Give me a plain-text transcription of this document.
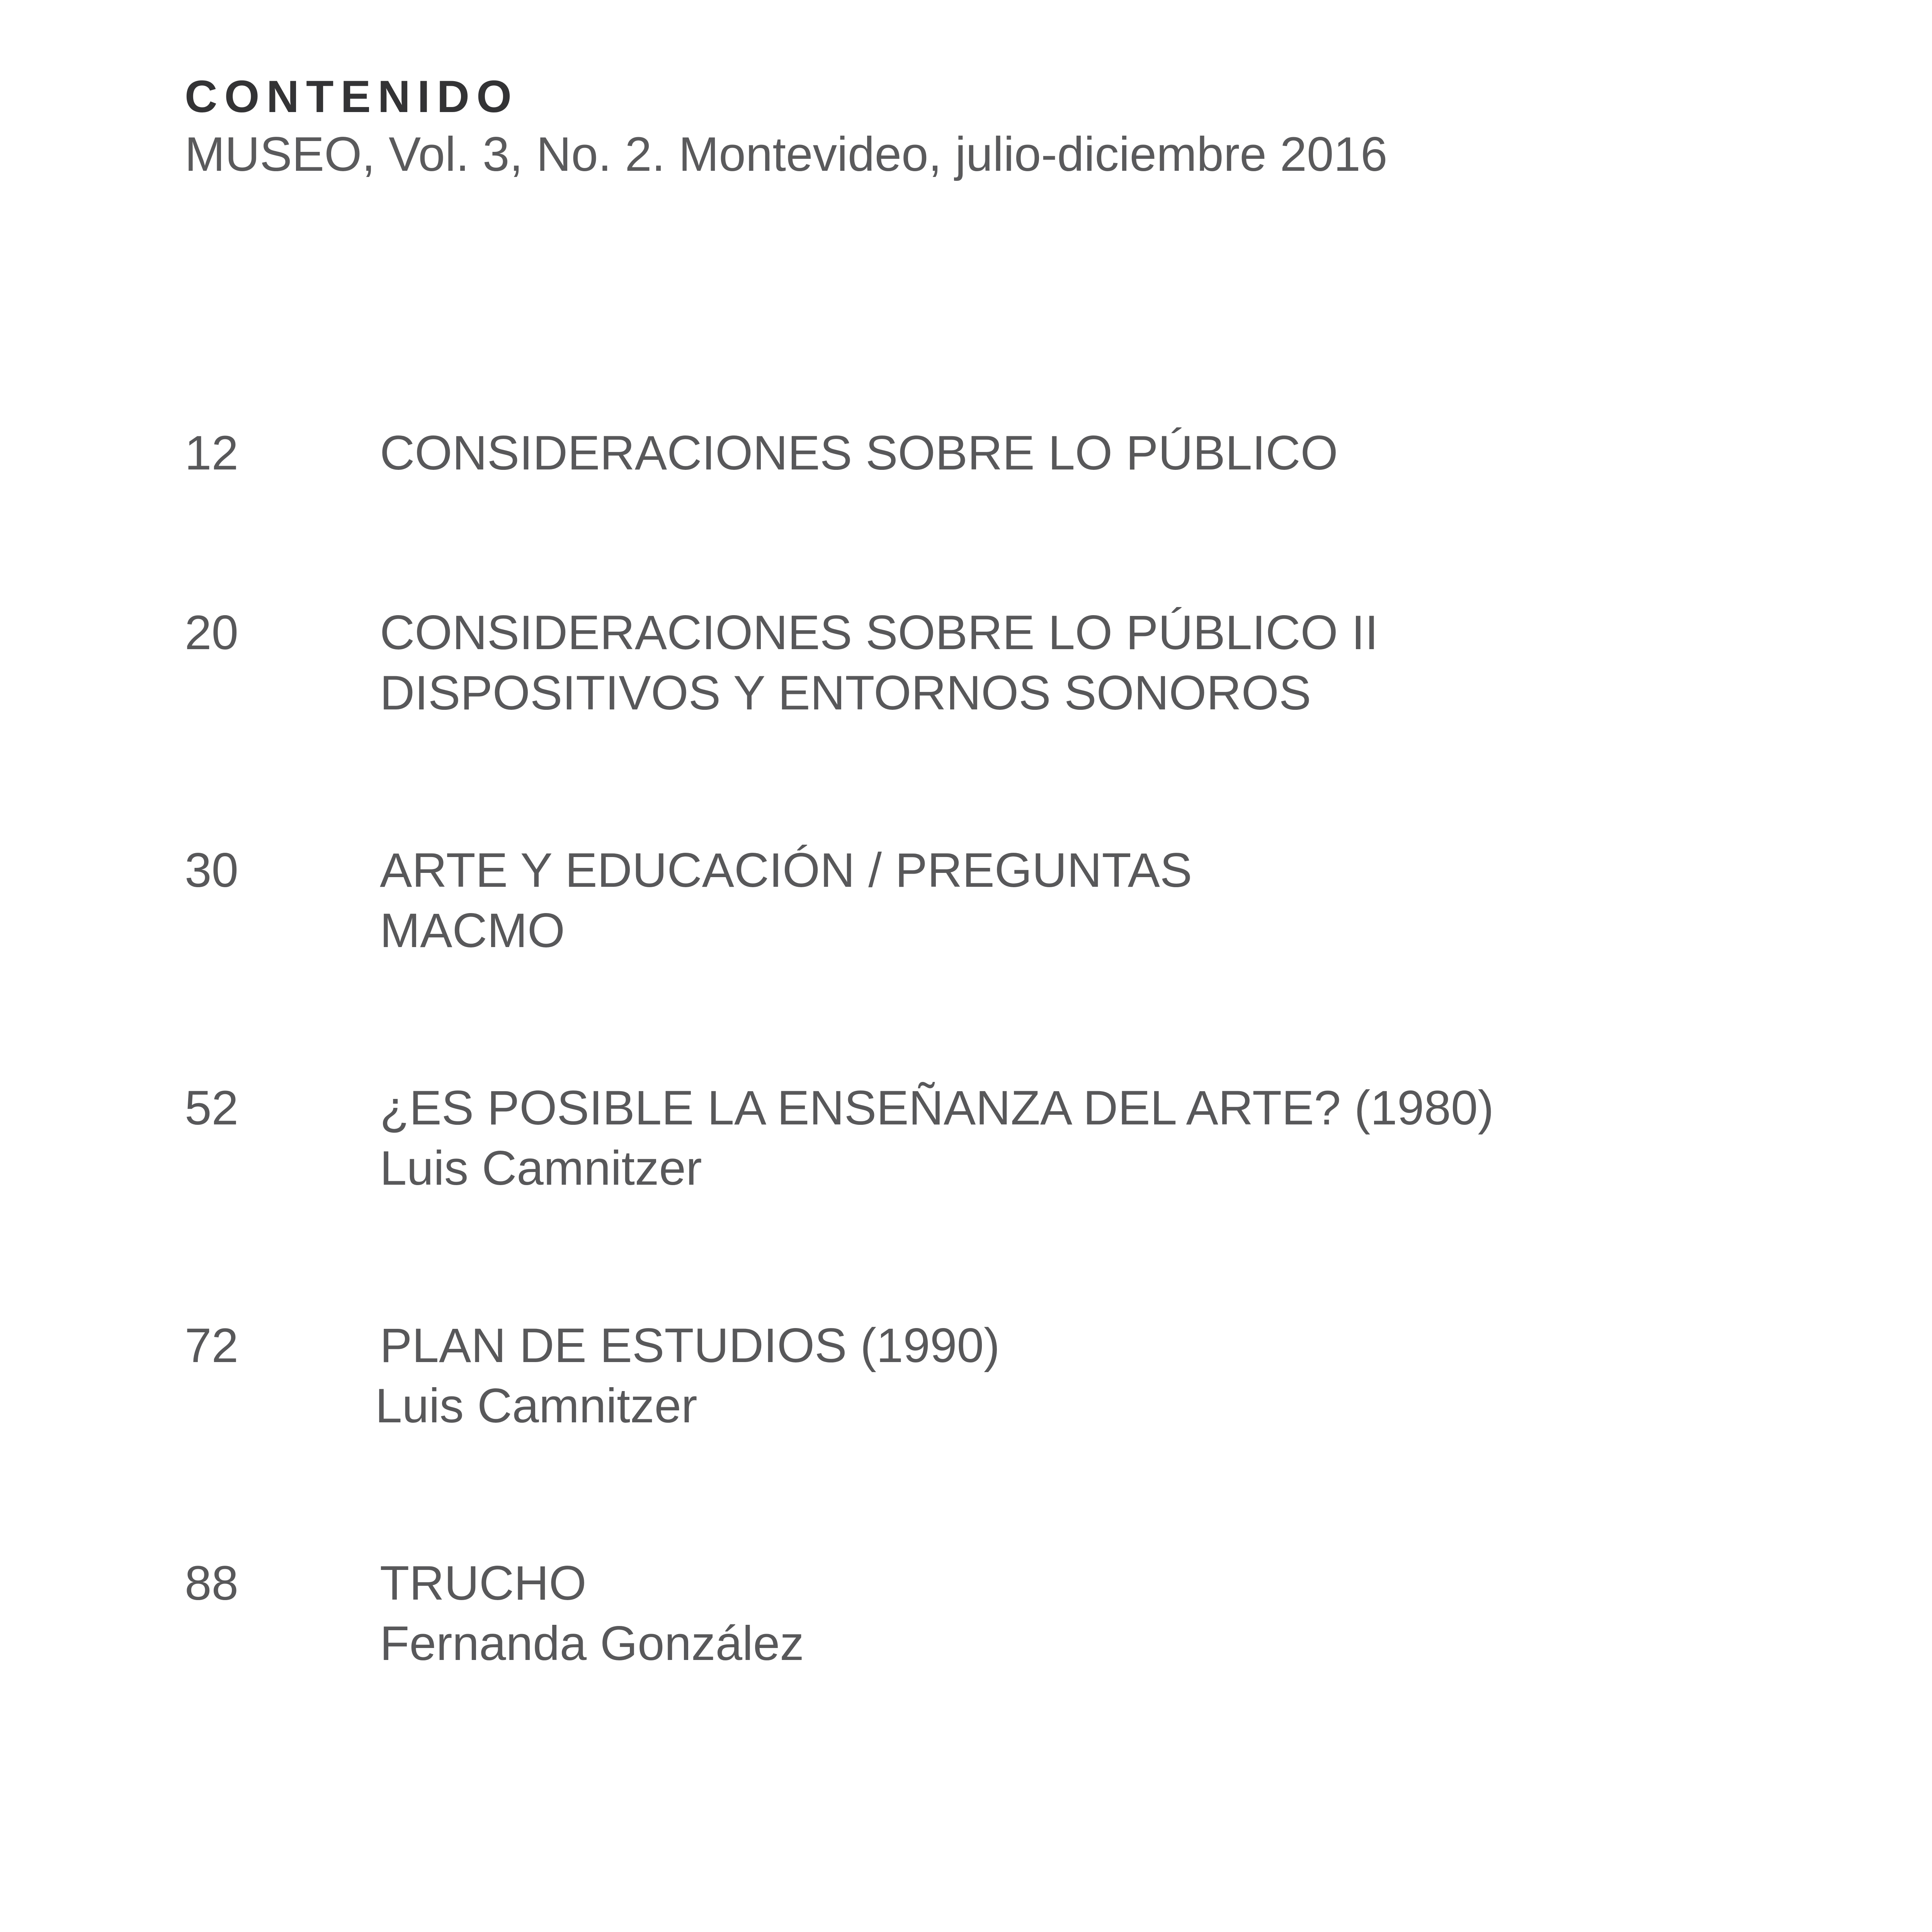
CONTENIDO

MUSEO, Vol. 3, No. 2. Montevideo, julio-diciembre 2016

12	CONSIDERACIONES SOBRE LO PÚBLICO
20	CONSIDERACIONES SOBRE LO PÚBLICO II
DISPOSITIVOS Y ENTORNOS SONOROS
30	ARTE Y EDUCACIÓN / PREGUNTAS
MACMO
52	¿ES POSIBLE LA ENSEÑANZA DEL ARTE? (1980)
Luis Camnitzer
72	PLAN DE ESTUDIOS (1990)
Luis Camnitzer
88	TRUCHO
Fernanda González
